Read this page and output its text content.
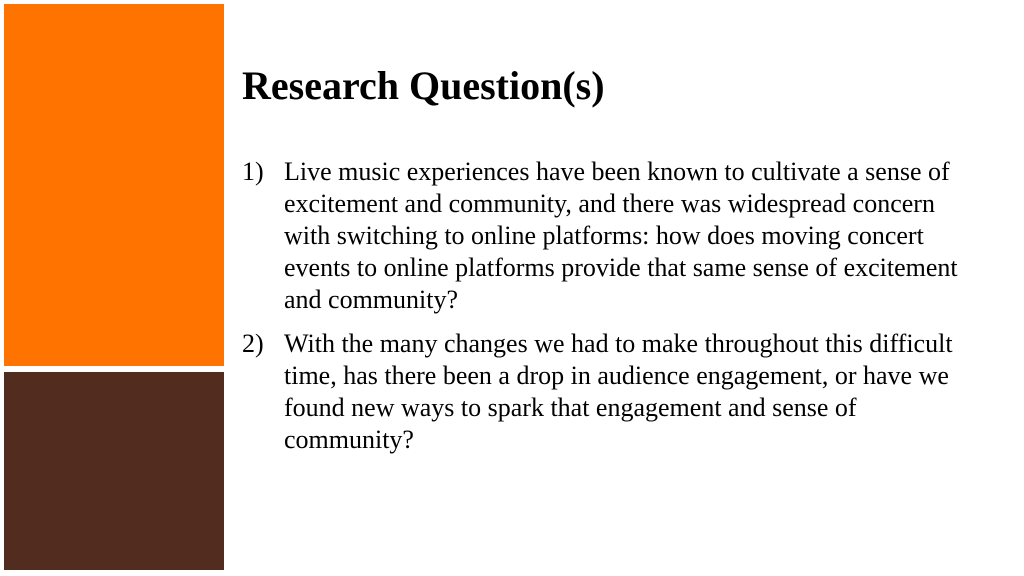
Research Question(s)
1) Live music experiences have been known to cultivate a sense of excitement and community, and there was widespread concern with switching to online platforms: how does moving concert events to online platforms provide that same sense of excitement and community?
2) With the many changes we had to make throughout this difficult time, has there been a drop in audience engagement, or have we found new ways to spark that engagement and sense of community?
